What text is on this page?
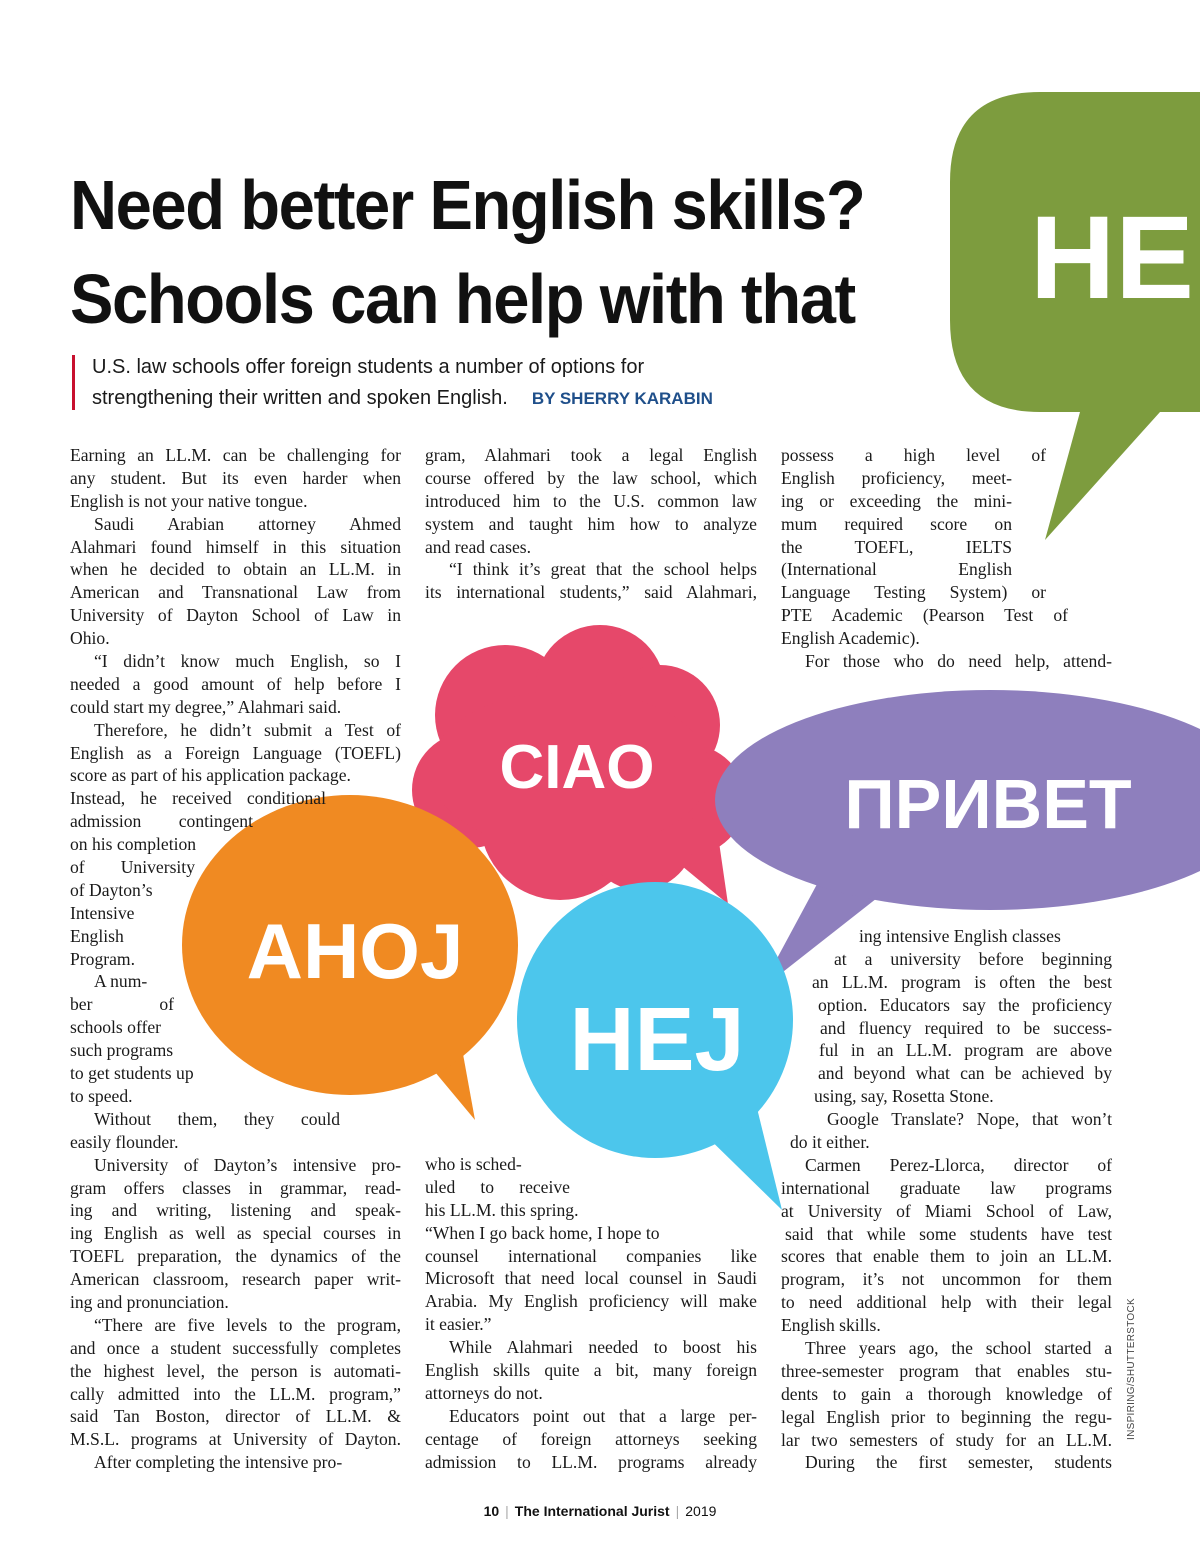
HE
CIAO	ПРИВЕТ
AHOJ
HEJ
Need better English skills?
Schools can help with that

U.S. law schools offer foreign students a number of options for
strengthening their written and spoken English. BY SHERRY KARABIN

Earning an LL.M. can be challenging for
any student. But its even harder when
English is not your native tongue.
Saudi Arabian attorney Ahmed
Alahmari found himself in this situation
when he decided to obtain an LL.M. in
American and Transnational Law from
University of Dayton School of Law in
Ohio.
“I didn’t know much English, so I
needed a good amount of help before I
could start my degree,” Alahmari said.
Therefore, he didn’t submit a Test of
English as a Foreign Language (TOEFL)
score as part of his application package.
Instead, he received conditional
admission contingent
on his completion
of University
of Dayton’s
Intensive
English
Program.
A num-
ber of
schools offer
such programs
to get students up
to speed.
Without them, they could
easily flounder.
University of Dayton’s intensive pro-
gram offers classes in grammar, read-
ing and writing, listening and speak-
ing English as well as special courses in
TOEFL preparation, the dynamics of the
American classroom, research paper writ-
ing and pronunciation.
“There are five levels to the program,
and once a student successfully completes
the highest level, the person is automati-
cally admitted into the LL.M. program,”
said Tan Boston, director of LL.M. &
M.S.L. programs at University of Dayton.
After completing the intensive pro-
gram, Alahmari took a legal English
course offered by the law school, which
introduced him to the U.S. common law
system and taught him how to analyze
and read cases.
“I think it’s great that the school helps
its international students,” said Alahmari,
who is sched-
uled to receive
his LL.M. this spring.
“When I go back home, I hope to
counsel international companies like
Microsoft that need local counsel in Saudi
Arabia. My English proficiency will make
it easier.”
While Alahmari needed to boost his
English skills quite a bit, many foreign
attorneys do not.
Educators point out that a large per-
centage of foreign attorneys seeking
admission to LL.M. programs already
possess a high level of
English proficiency, meet-
ing or exceeding the mini-
mum required score on
the TOEFL, IELTS
(International English
Language Testing System) or
PTE Academic (Pearson Test of
English Academic).
For those who do need help, attend-
ing intensive English classes
at a university before beginning
an LL.M. program is often the best
option. Educators say the proficiency
and fluency required to be success-
ful in an LL.M. program are above
and beyond what can be achieved by
using, say, Rosetta Stone.
Google Translate? Nope, that won’t
do it either.
Carmen Perez-Llorca, director of
international graduate law programs
at University of Miami School of Law,
said that while some students have test
scores that enable them to join an LL.M.
program, it’s not uncommon for them
to need additional help with their legal
English skills.
Three years ago, the school started a
three-semester program that enables stu-
dents to gain a thorough knowledge of
legal English prior to beginning the regu-
lar two semesters of study for an LL.M.
During the first semester, students
INSPIRING/SHUTTERSTOCK
10 | The International Jurist | 2019
